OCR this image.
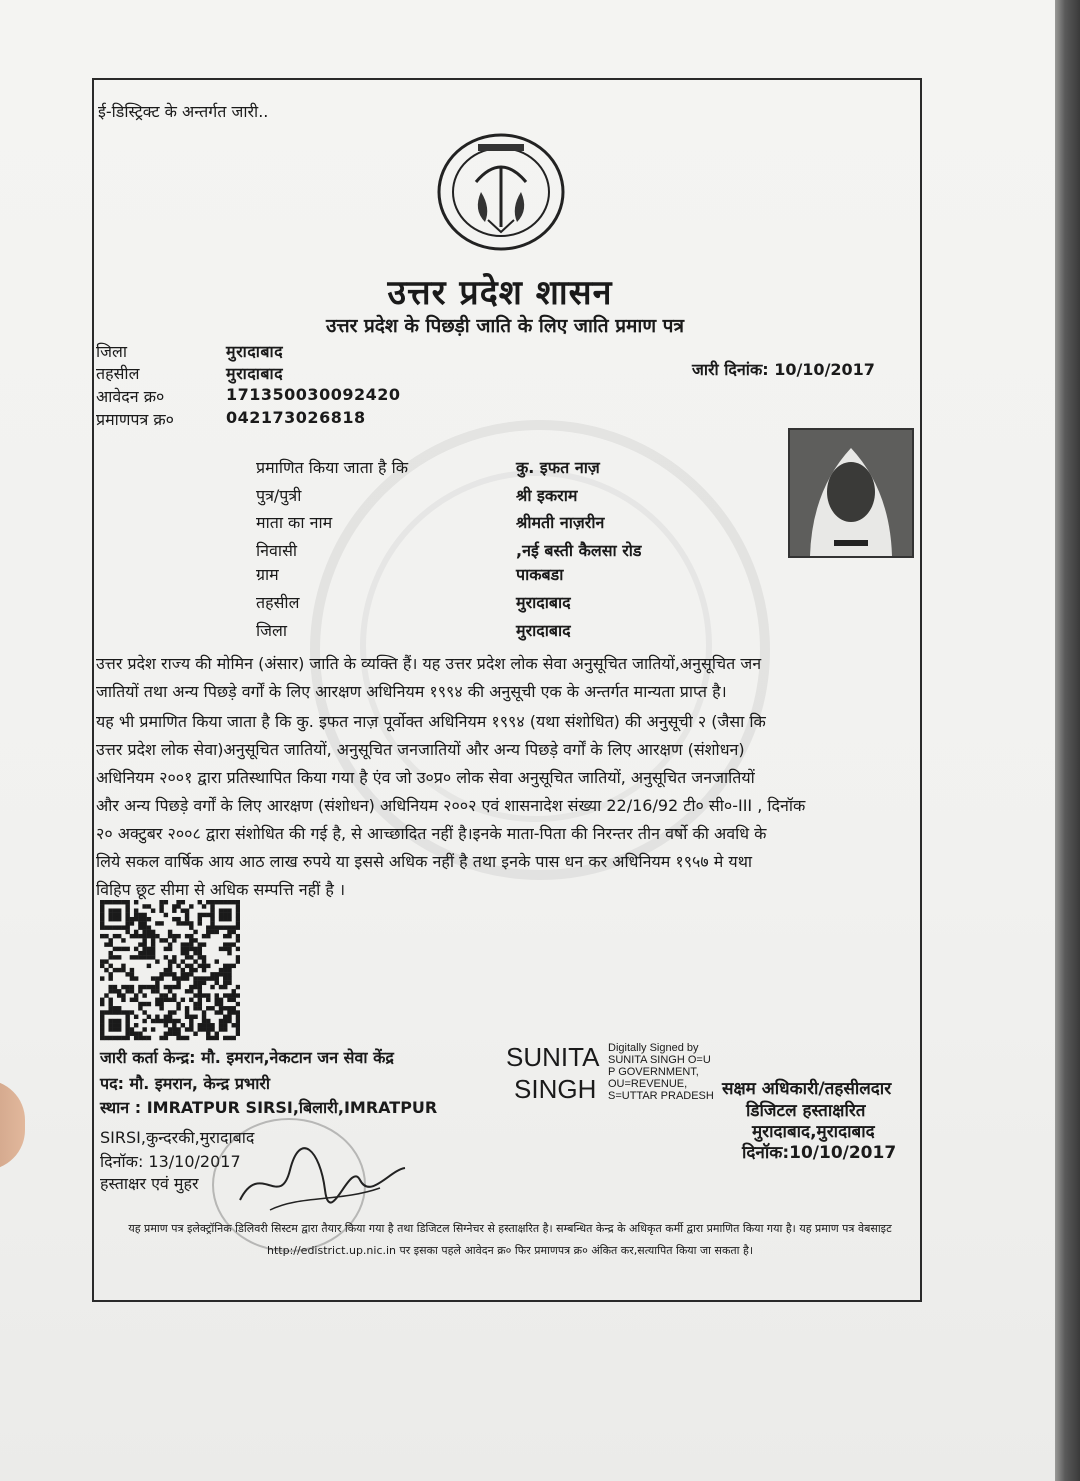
ई-डिस्ट्रिक्ट के अन्तर्गत जारी..
उत्तर प्रदेश शासन
उत्तर प्रदेश के पिछड़ी जाति के लिए जाति प्रमाण पत्र
जिला	मुरादाबाद
तहसील	मुरादाबाद
आवेदन क्र०	171350030092420
प्रमाणपत्र क्र०	042173026818
जारी दिनांक: 10/10/2017
प्रमाणित किया जाता है कि	कु. इफत नाज़
पुत्र/पुत्री	श्री इकराम
माता का नाम	श्रीमती नाज़रीन
निवासी	,नई बस्ती कैलसा रोड
ग्राम	पाकबडा
तहसील	मुरादाबाद
जिला	मुरादाबाद
उत्तर प्रदेश राज्य की मोमिन (अंसार) जाति के व्यक्ति हैं। यह उत्तर प्रदेश लोक सेवा अनुसूचित जातियों,अनुसूचित जन
जातियों तथा अन्य पिछड़े वर्गों के लिए आरक्षण अधिनियम १९९४ की अनुसूची एक के अन्तर्गत मान्यता प्राप्त है।
यह भी प्रमाणित किया जाता है कि कु. इफत नाज़ पूर्वोक्त अधिनियम १९९४ (यथा संशोधित) की अनुसूची २ (जैसा कि
उत्तर प्रदेश लोक सेवा)अनुसूचित जातियों, अनुसूचित जनजातियों और अन्य पिछड़े वर्गों के लिए आरक्षण (संशोधन)
अधिनियम २००१ द्वारा प्रतिस्थापित किया गया है एंव जो उ०प्र० लोक सेवा अनुसूचित जातियों, अनुसूचित जनजातियों
और अन्य पिछड़े वर्गों के लिए आरक्षण (संशोधन) अधिनियम २००२ एवं शासनादेश संख्या 22/16/92 टी० सी०-III , दिनॉक
२० अक्टुबर २००८ द्वारा संशोधित की गई है, से आच्छादित नहीं है।इनके माता-पिता की निरन्तर तीन वर्षो की अवधि के
लिये सकल वार्षिक आय आठ लाख रुपये या इससे अधिक नहीं है तथा इनके पास धन कर अधिनियम १९५७ मे यथा
विहिप छूट सीमा से अधिक सम्पत्ति नहीं है ।
जारी कर्ता केन्द्र: मौ. इमरान,नेकटान जन सेवा केंद्र
पद: मौ. इमरान, केन्द्र प्रभारी
स्थान : IMRATPUR SIRSI,बिलारी,IMRATPUR
SIRSI,कुन्दरकी,मुरादाबाद
दिनॉक: 13/10/2017
हस्ताक्षर एवं मुहर
SUNITA
SINGH
Digitally Signed by
SUNITA SINGH O=U
P GOVERNMENT,
OU=REVENUE,
S=UTTAR PRADESH सक्षम अधिकारी/तहसीलदार
डिजिटल हस्ताक्षरित
मुरादाबाद,मुरादाबाद
दिनॉक:10/10/2017
यह प्रमाण पत्र इलेक्ट्रॉनिक डिलिवरी सिस्टम द्वारा तैयार किया गया है तथा डिजिटल सिग्नेचर से हस्ताक्षरित है। सम्बन्धित केन्द्र के अधिकृत कर्मी द्वारा प्रमाणित किया गया है। यह प्रमाण पत्र वेबसाइट http://edistrict.up.nic.in पर इसका पहले आवेदन क्र० फिर प्रमाणपत्र क्र० अंकित कर,सत्यापित किया जा सकता है।
